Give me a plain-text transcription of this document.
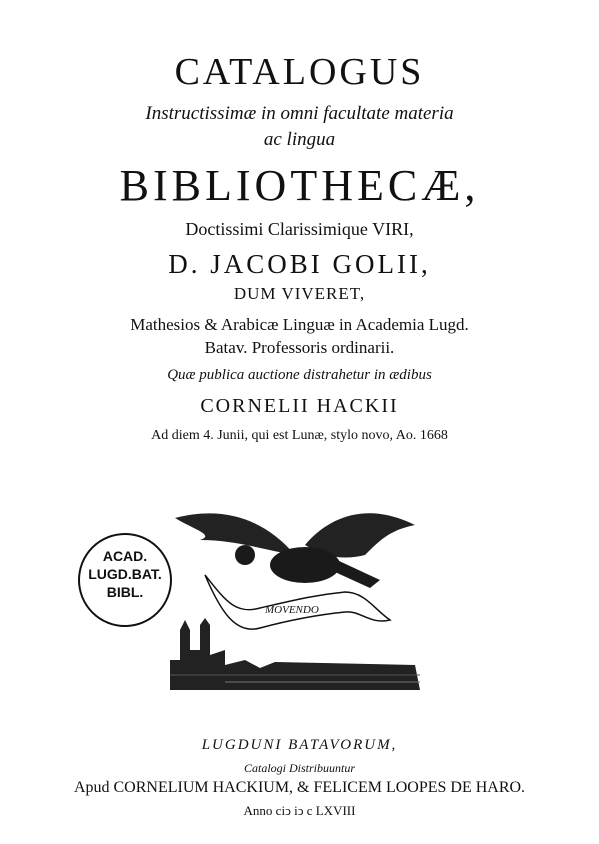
CATALOGUS
Instructissimæ in omni facultate materia
ac lingua
BIBLIOTHECÆ,
Doctissimi Clarissimique VIRI,
D. JACOBI GOLII,
DUM VIVERET,
Mathesios & Arabicæ Linguæ in Academia Lugd.
Batav. Professoris ordinarii.
Quæ publica auctione distrahetur in ædibus
CORNELII HACKII
Ad diem 4. Junii, qui est Lunæ, stylo novo, Ao. 1668
ACAD.
LUGD.BAT.
BIBL.
MOVENDO
LUGDUNI BATAVORUM,
Catalogi Distribuuntur
Apud CORNELIUM HACKIUM, & FELICEM LOOPES DE HARO.
Anno ciↄ iↄ c LXVIII
